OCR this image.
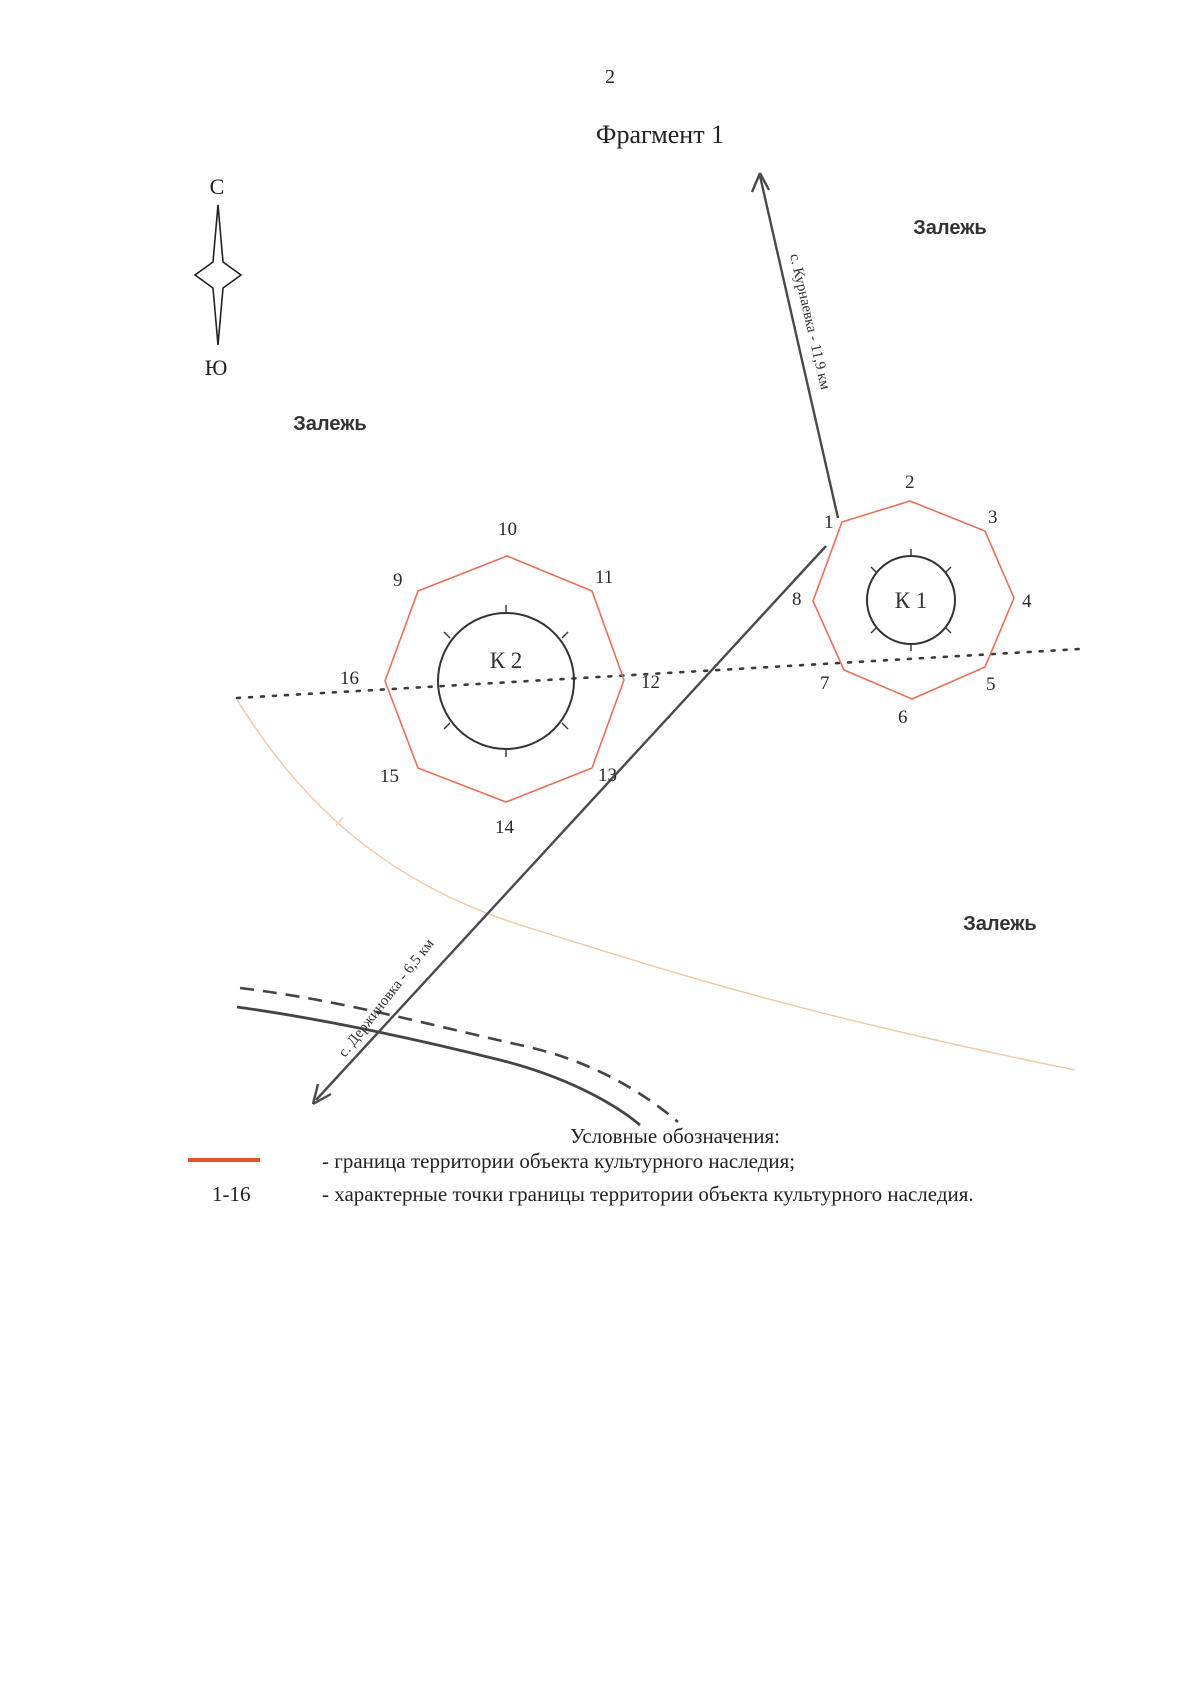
2
Фрагмент 1
С
Ю
Залежь
Залежь
Залежь
с. Курнаевка - 11,9 км
с. Держиновка - 6,5 км
К 1
К 2
1
2
3
4
5
6
7
8
9
10
11
12
13
14
15
16
Условные обозначения:
- граница территории объекта культурного наследия;
1-16	- характерные точки границы территории объекта культурного наследия.
